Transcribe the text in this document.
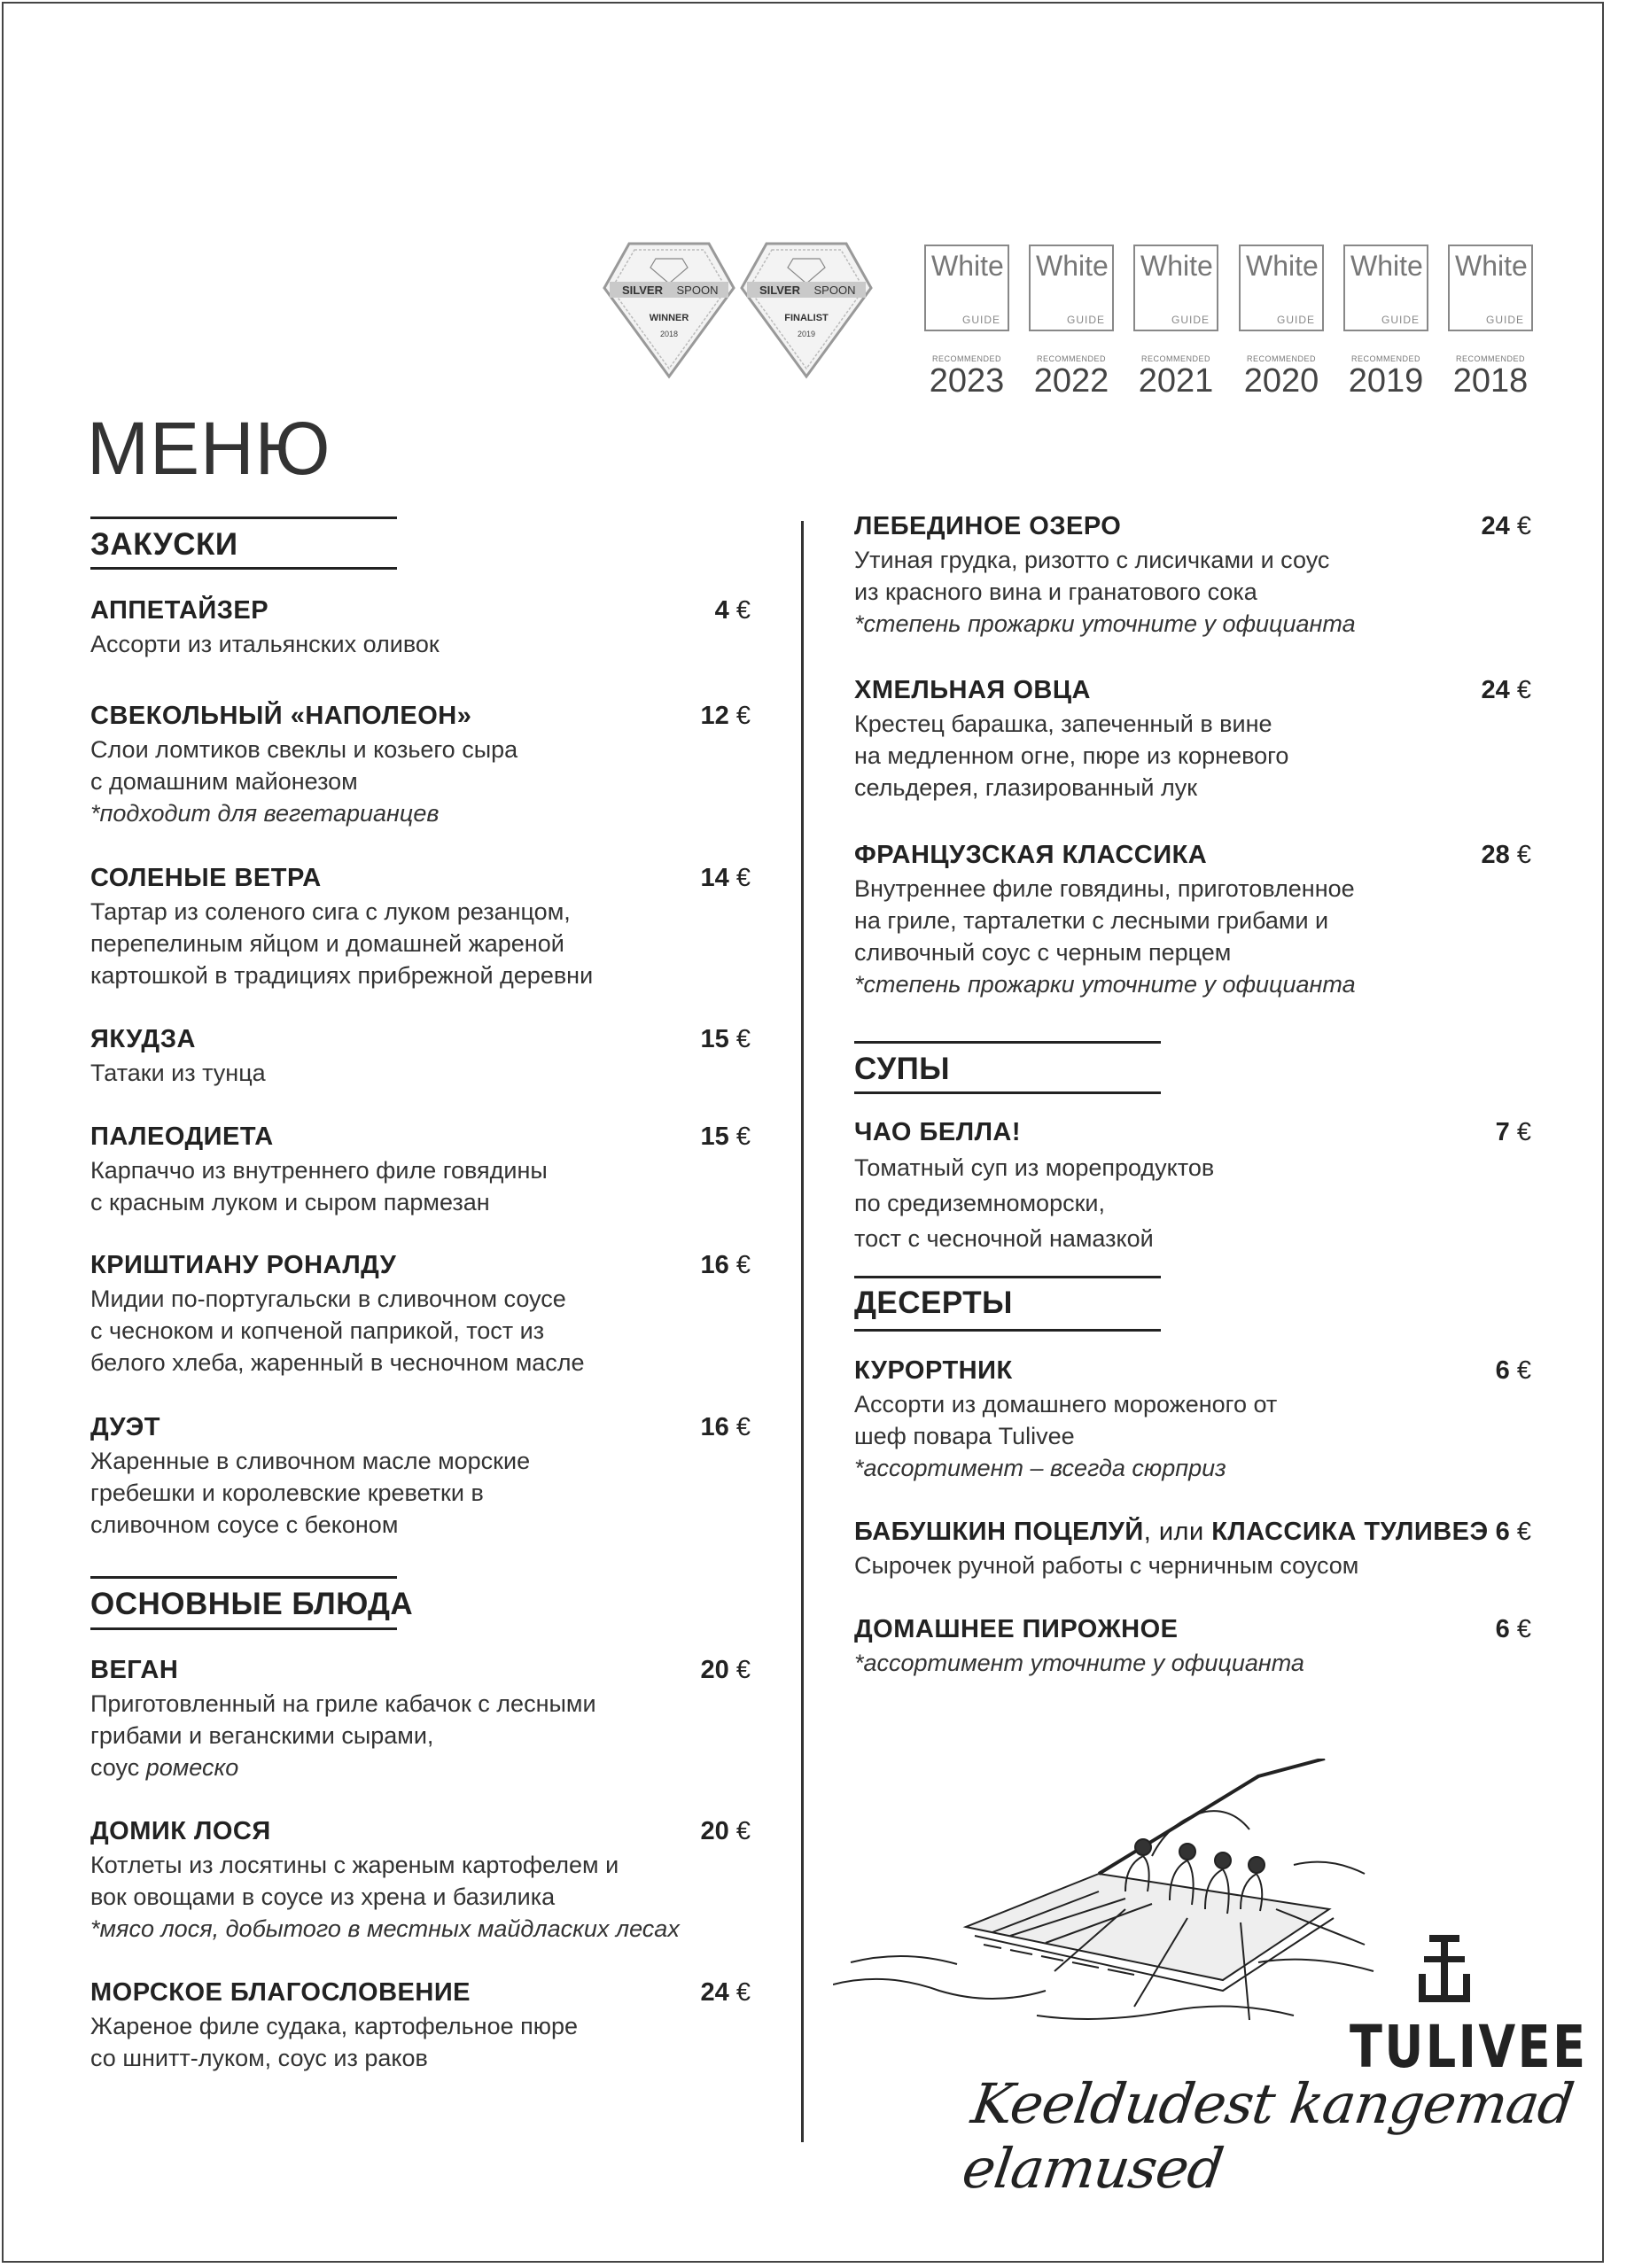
SILVER SPOON
WINNER
2018
SILVER SPOON
FINALIST
2019
White
GUIDE
RECOMMENDED
2023
White
GUIDE
RECOMMENDED
2022
White
GUIDE
RECOMMENDED
2021
White
GUIDE
RECOMMENDED
2020
White
GUIDE
RECOMMENDED
2019
White
GUIDE
RECOMMENDED
2018
МЕНЮ
ЗАКУСКИ
АППЕТАЙЗЕР
Ассорти из итальянских оливок
4 €
СВЕКОЛЬНЫЙ «НАПОЛЕОН»
Слои ломтиков свеклы и козьего сыра
с домашним майонезом
*подходит для вегетарианцев
12 €
СОЛЕНЫЕ ВЕТРА
Тартар из соленого сига с луком резанцом,
перепелиным яйцом и домашней жареной
картошкой в традициях прибрежной деревни
14 €
ЯКУДЗА
Татаки из тунца
15 €
ПАЛЕОДИЕТА
Карпаччо из внутреннего филе говядины
с красным луком и сыром пармезан
15 €
КРИШТИАНУ РОНАЛДУ
Мидии по-португальски в сливочном соусе
с чесноком и копченой паприкой, тост из
белого хлеба, жаренный в чесночном масле
16 €
ДУЭТ
Жаренные в сливочном масле морские
гребешки и королевские креветки в
сливочном соусе с беконом
16 €
ОСНОВНЫЕ БЛЮДА
ВЕГАН
Приготовленный на гриле кабачок с лесными
грибами и веганскими сырами,
соус ромеско
20 €
ДОМИК ЛОСЯ
Котлеты из лосятины с жареным картофелем и
вок овощами в соусе из хрена и базилика
*мясо лося, добытого в местных майдласких лесах
20 €
МОРСКОЕ БЛАГОСЛОВЕНИЕ
Жареное филе судака, картофельное пюре
со шнитт-луком, соус из раков
24 €
ЛЕБЕДИНОЕ ОЗЕРО
Утиная грудка, ризотто с лисичками и соус
из красного вина и гранатового сока
*степень прожарки уточните у официанта
24 €
ХМЕЛЬНАЯ ОВЦА
Крестец барашка, запеченный в вине
на медленном огне, пюре из корневого
сельдерея, глазированный лук
24 €
ФРАНЦУЗСКАЯ КЛАССИКА
Внутреннее филе говядины, приготовленное
на гриле, тарталетки с лесными грибами и
сливочный соус с черным перцем
*степень прожарки уточните у официанта
28 €
СУПЫ
ЧАО БЕЛЛА!
Томатный суп из морепродуктов
по средиземноморски,
тост с чесночной намазкой
7 €
ДЕСЕРТЫ
КУРОРТНИК
Ассорти из домашнего мороженого от
шеф повара Tulivee
*ассортимент – всегда сюрприз
6 €
БАБУШКИН ПОЦЕЛУЙ, или КЛАССИКА ТУЛИВЕЭ
Сырочек ручной работы с черничным соусом
6 €
ДОМАШНЕЕ ПИРОЖНОЕ
*ассортимент уточните у официанта
6 €
TULIVEE
Keeldudest kangemad elamused
